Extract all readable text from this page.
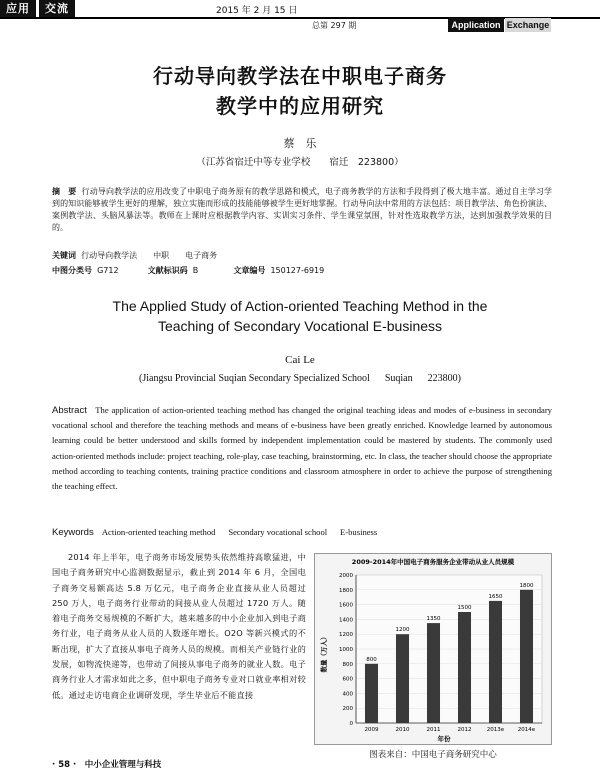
应用	交流	2015 年 2 月 15 日
总第 297 期	Application Exchange
行动导向教学法在中职电子商务
教学中的应用研究
蔡　乐
（江苏省宿迁中等专业学校　　宿迁　223800）
摘　要 行动导向教学法的应用改变了中职电子商务原有的教学思路和模式，电子商务教学的方法和手段得到了极大地丰富。通过自主学习学到的知识能够被学生更好的理解，独立实施而形成的技能能够被学生更好地掌握。行动导向法中常用的方法包括：项目教学法、角色扮演法、案例教学法、头脑风暴法等。教师在上课时应根据教学内容、实训实习条件、学生课堂氛围，针对性选取教学方法，达到加强教学效果的目的。
关键词 行动导向教学法　　中职　　电子商务
中图分类号 G712	文献标识码 B	文章编号 150127-6919
The Applied Study of Action-oriented Teaching Method in the
Teaching of Secondary Vocational E-business
Cai Le
(Jiangsu Provincial Suqian Secondary Specialized School      Suqian      223800)
Abstract The application of action-oriented teaching method has changed the original teaching ideas and modes of e-business in secondary vocational school and therefore the teaching methods and means of e-business have been greatly enriched. Knowledge learned by autonomous learning could be better understood and skills formed by independent implementation could be mastered by students. The commonly used action-oriented methods include: project teaching, role-play, case teaching, brainstorming, etc. In class, the teacher should choose the appropriate method according to teaching contents, training practice conditions and classroom atmosphere in order to achieve the purpose of strengthening the teaching effect.
Keywords Action-oriented teaching method      Secondary vocational school      E-business
2014 年上半年，电子商务市场发展势头依然维持高歌猛进，中国电子商务研究中心监测数据显示，截止到 2014 年 6 月，全国电子商务交易额高达 5.8 万亿元，电子商务企业直接从业人员超过 250 万人，电子商务行业带动的间接从业人员超过 1720 万人。随着电子商务交易规模的不断扩大，越来越多的中小企业加入到电子商务行业，电子商务从业人员的人数逐年增长。O2O 等新兴模式的不断出现，扩大了直接从事电子商务人员的规模。而相关产业链行业的发展，如物流快递等，也带动了间接从事电子商务的就业人数。电子商务行业人才需求如此之多，但中职电子商务专业对口就业率相对较低。通过走访电商企业调研发现，学生毕业后不能直接
2009-2014年中国电子商务服务企业带动从业人员规模
数量（万人）
年份
0
200
400
600
800
1000
1200
1400
1600
1800
2000
800
2009
1200
2010
1350
2011
1500
2012
1650
2013e
1800
2014e
图表来自：中国电子商务研究中心
· 58 ·　中小企业管理与科技
